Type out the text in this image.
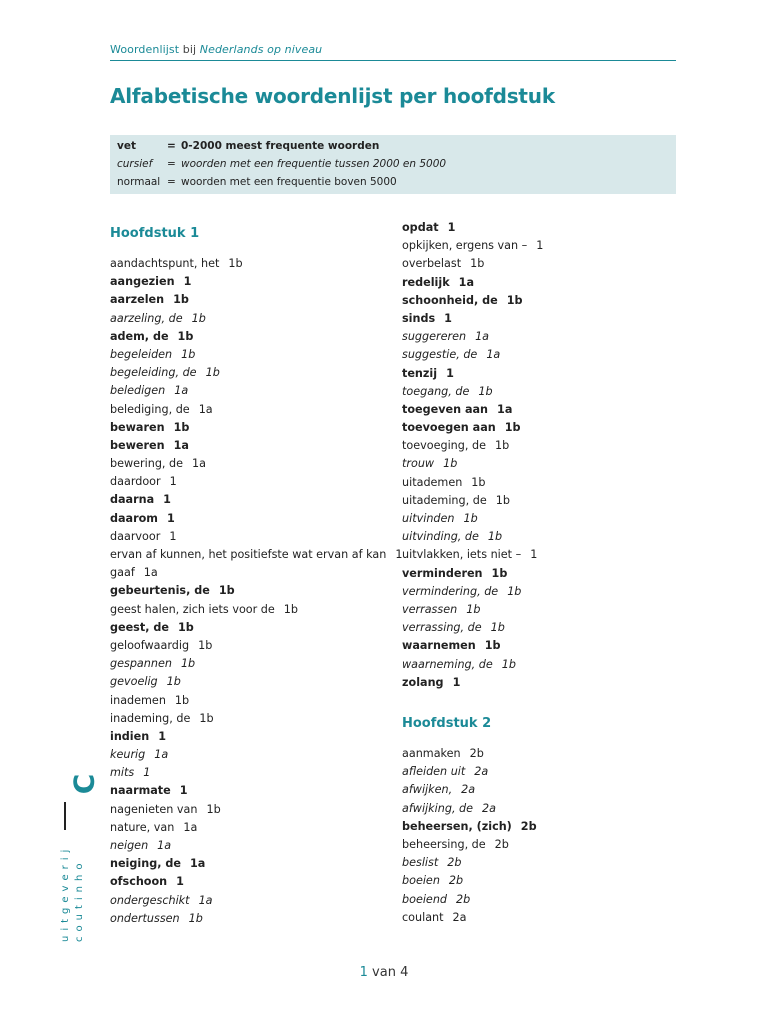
Woordenlijst bij Nederlands op niveau
Alfabetische woordenlijst per hoofdstuk
vet	= 0-2000 meest frequente woorden
cursief = woorden met een frequentie tussen 2000 en 5000
normaal = woorden met een frequentie boven 5000
Hoofdstuk 1
aandachtspunt, het 1b
aangezien 1
aarzelen 1b
aarzeling, de 1b
adem, de 1b
begeleiden 1b
begeleiding, de 1b
beledigen 1a
belediging, de 1a
bewaren 1b
beweren 1a
bewering, de 1a
daardoor 1
daarna 1
daarom 1
daarvoor 1
ervan af kunnen, het positiefste wat ervan af kan 1
gaaf 1a
gebeurtenis, de 1b
geest halen, zich iets voor de 1b
geest, de 1b
geloofwaardig 1b
gespannen 1b
gevoelig 1b
inademen 1b
inademing, de 1b
indien 1
keurig 1a
mits 1
naarmate 1
nagenieten van 1b
nature, van 1a
neigen 1a
neiging, de 1a
ofschoon 1
ondergeschikt 1a
ondertussen 1b
opdat 1
opkijken, ergens van – 1
overbelast 1b
redelijk 1a
schoonheid, de 1b
sinds 1
suggereren 1a
suggestie, de 1a
tenzij 1
toegang, de 1b
toegeven aan 1a
toevoegen aan 1b
toevoeging, de 1b
trouw 1b
uitademen 1b
uitademing, de 1b
uitvinden 1b
uitvinding, de 1b
uitvlakken, iets niet – 1
verminderen 1b
vermindering, de 1b
verrassen 1b
verrassing, de 1b
waarnemen 1b
waarneming, de 1b
zolang 1
Hoofdstuk 2
aanmaken 2b
afleiden uit 2a
afwijken, 2a
afwijking, de 2a
beheersen, (zich) 2b
beheersing, de 2b
beslist 2b
boeien 2b
boeiend 2b
coulant 2a
C
uitgeverij coutinho
1 van 4
